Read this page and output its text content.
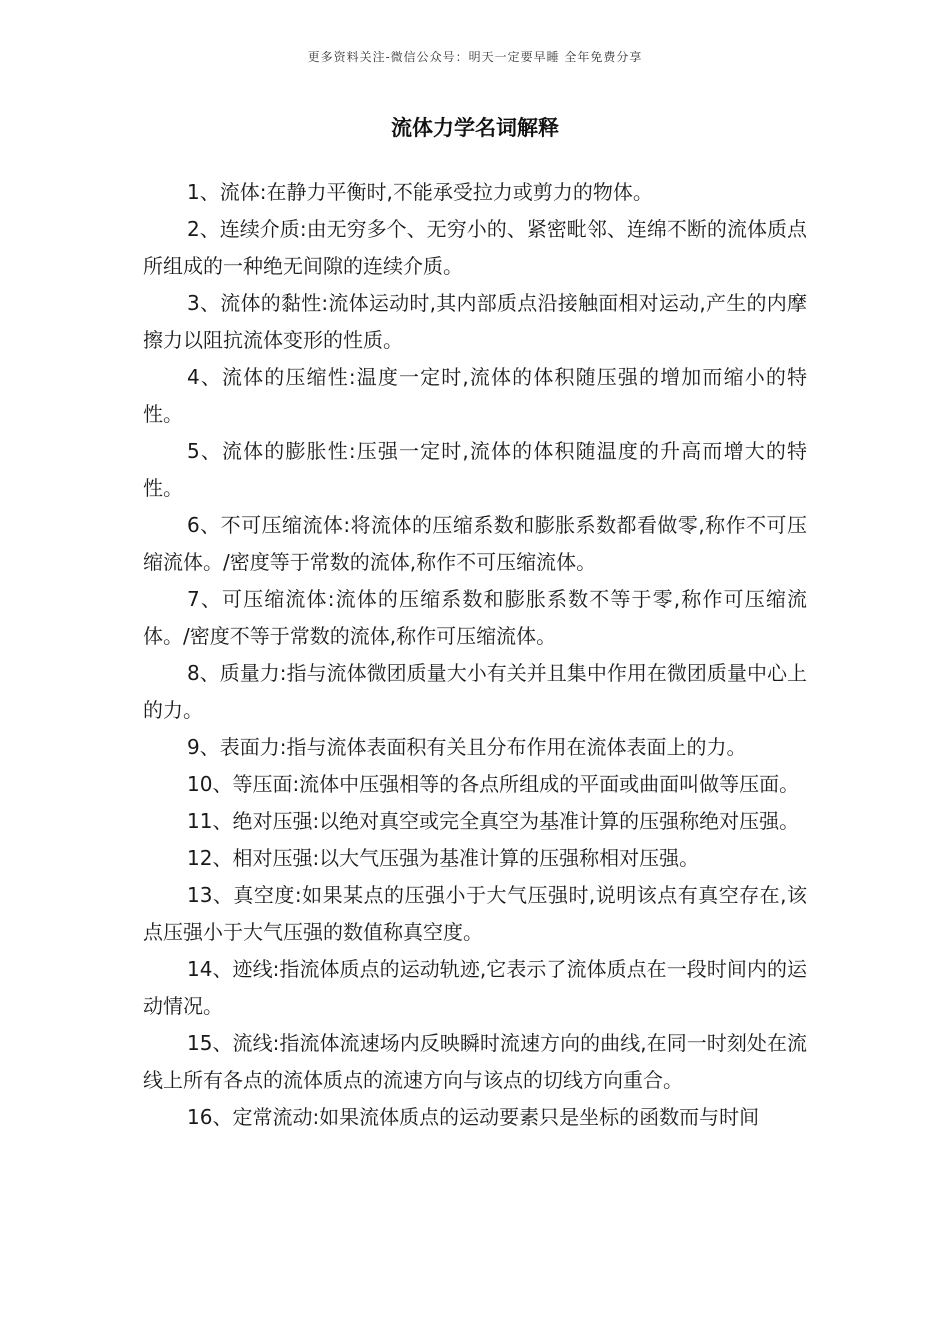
更多资料关注-微信公众号：明天一定要早睡 全年免费分享
流体力学名词解释
1、流体:在静力平衡时,不能承受拉力或剪力的物体。
2、连续介质:由无穷多个、无穷小的、紧密毗邻、连绵不断的流体质点所组成的一种绝无间隙的连续介质。
3、流体的黏性:流体运动时,其内部质点沿接触面相对运动,产生的内摩擦力以阻抗流体变形的性质。
4、流体的压缩性:温度一定时,流体的体积随压强的增加而缩小的特性。
5、流体的膨胀性:压强一定时,流体的体积随温度的升高而增大的特性。
6、不可压缩流体:将流体的压缩系数和膨胀系数都看做零,称作不可压缩流体。/密度等于常数的流体,称作不可压缩流体。
7、可压缩流体:流体的压缩系数和膨胀系数不等于零,称作可压缩流体。/密度不等于常数的流体,称作可压缩流体。
8、质量力:指与流体微团质量大小有关并且集中作用在微团质量中心上的力。
9、表面力:指与流体表面积有关且分布作用在流体表面上的力。
10、等压面:流体中压强相等的各点所组成的平面或曲面叫做等压面。
11、绝对压强:以绝对真空或完全真空为基准计算的压强称绝对压强。
12、相对压强:以大气压强为基准计算的压强称相对压强。
13、真空度:如果某点的压强小于大气压强时,说明该点有真空存在,该点压强小于大气压强的数值称真空度。
14、迹线:指流体质点的运动轨迹,它表示了流体质点在一段时间内的运动情况。
15、流线:指流体流速场内反映瞬时流速方向的曲线,在同一时刻处在流线上所有各点的流体质点的流速方向与该点的切线方向重合。
16、定常流动:如果流体质点的运动要素只是坐标的函数而与时间
